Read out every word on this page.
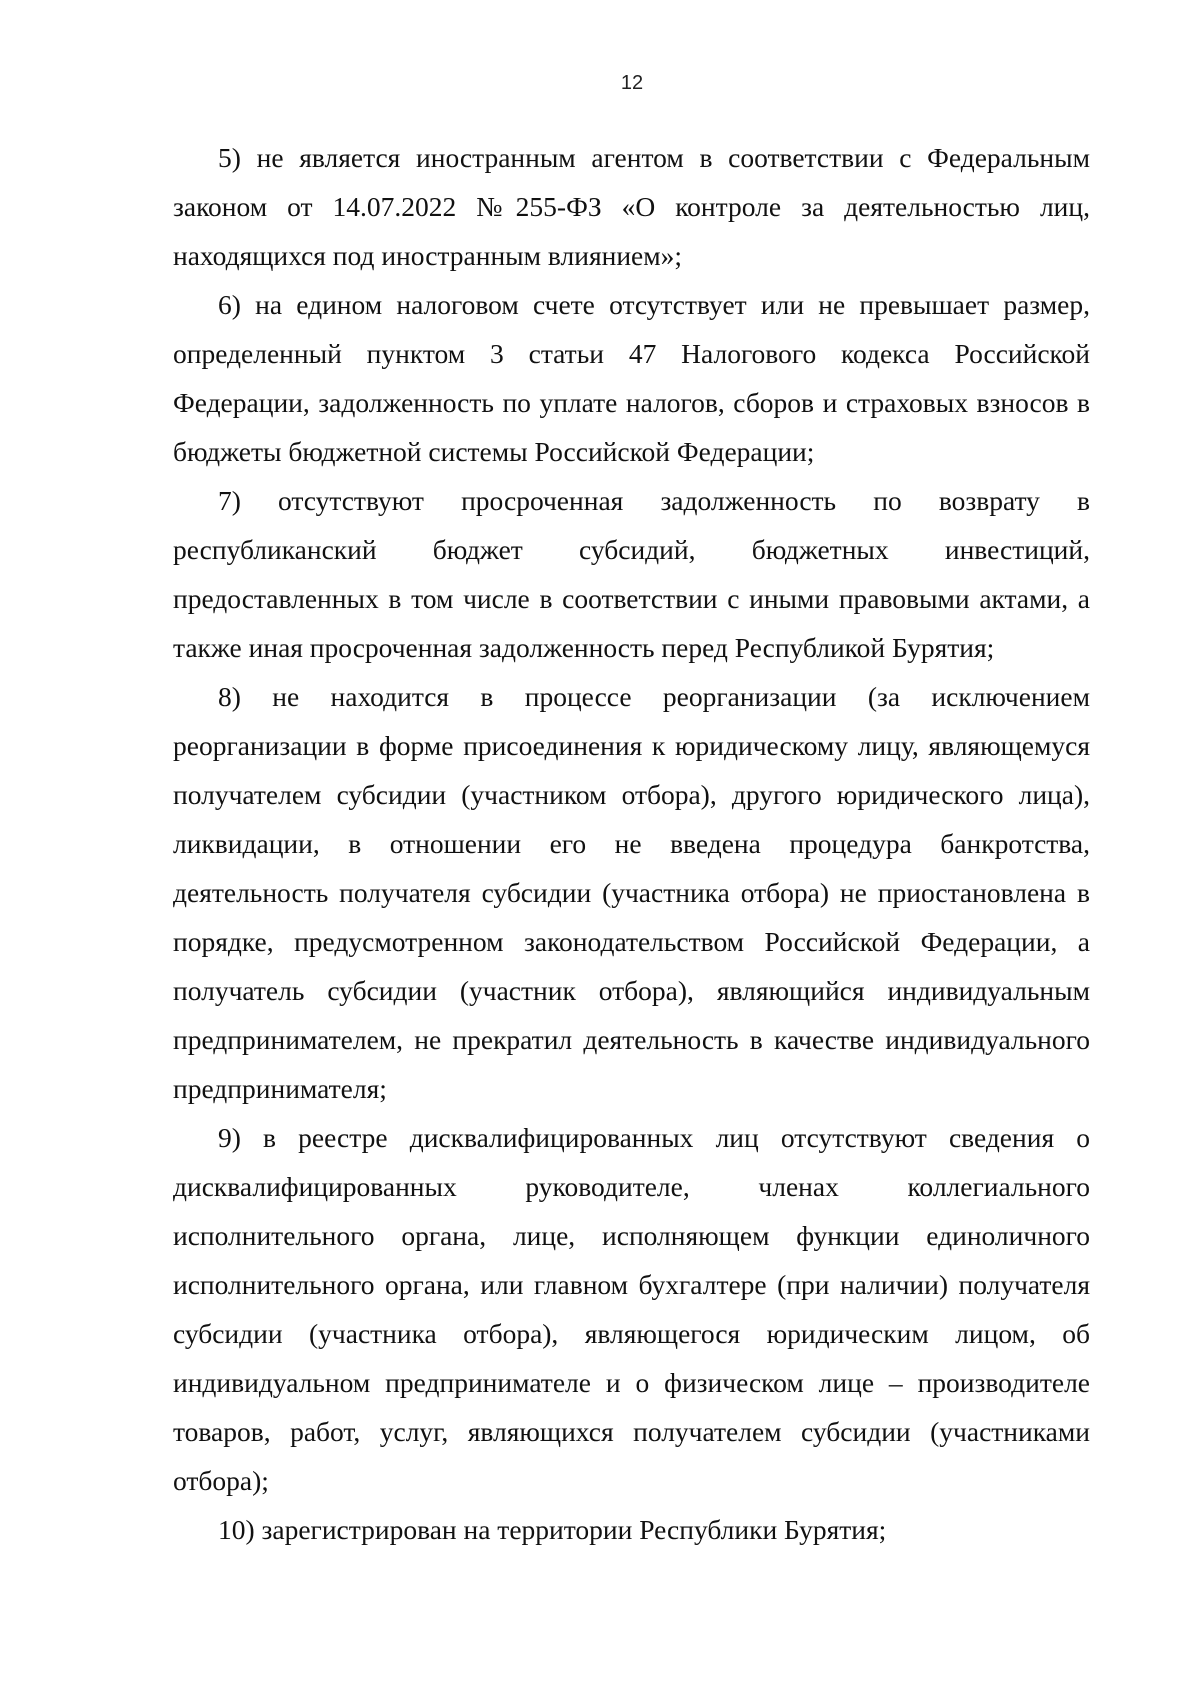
12

5) не является иностранным агентом в соответствии с Федеральным законом от 14.07.2022 №255-ФЗ «О контроле за деятельностью лиц, находящихся под иностранным влиянием»;

6) на едином налоговом счете отсутствует или не превышает размер, определенный пунктом 3 статьи 47 Налогового кодекса Российской Федерации, задолженность по уплате налогов, сборов и страховых взносов в бюджеты бюджетной системы Российской Федерации;

7) отсутствуют просроченная задолженность по возврату в республиканский бюджет субсидий, бюджетных инвестиций, предоставленных в том числе в соответствии с иными правовыми актами, а также иная просроченная задолженность перед Республикой Бурятия;

8) не находится в процессе реорганизации (за исключением реорганизации в форме присоединения к юридическому лицу, являющемуся получателем субсидии (участником отбора), другого юридического лица), ликвидации, в отношении его не введена процедура банкротства, деятельность получателя субсидии (участника отбора) не приостановлена в порядке, предусмотренном законодательством Российской Федерации, а получатель субсидии (участник отбора), являющийся индивидуальным предпринимателем, не прекратил деятельность в качестве индивидуального предпринимателя;

9) в реестре дисквалифицированных лиц отсутствуют сведения о дисквалифицированных руководителе, членах коллегиального исполнительного органа, лице, исполняющем функции единоличного исполнительного органа, или главном бухгалтере (при наличии) получателя субсидии (участника отбора), являющегося юридическим лицом, об индивидуальном предпринимателе и о физическом лице – производителе товаров, работ, услуг, являющихся получателем субсидии (участниками отбора);

10) зарегистрирован на территории Республики Бурятия;
